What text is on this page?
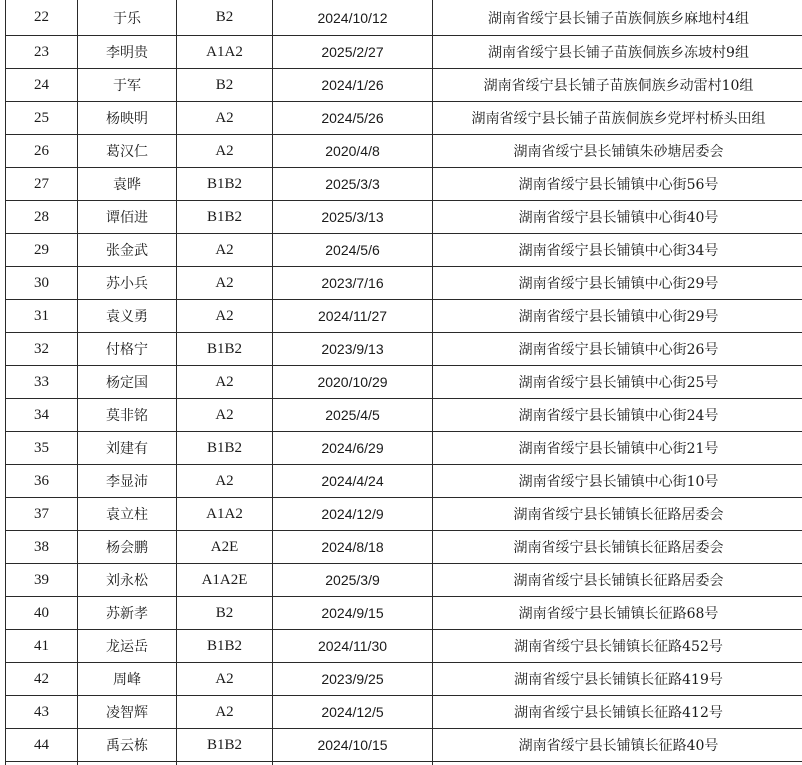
22	于乐	B2	2024/10/12	湖南省绥宁县长铺子苗族侗族乡麻地村4组
23	李明贵	A1A2	2025/2/27	湖南省绥宁县长铺子苗族侗族乡冻坡村9组
24	于军	B2	2024/1/26	湖南省绥宁县长铺子苗族侗族乡动雷村10组
25	杨映明	A2	2024/5/26	湖南省绥宁县长铺子苗族侗族乡党坪村桥头田组
26	葛汉仁	A2	2020/4/8	湖南省绥宁县长铺镇朱砂塘居委会
27	袁晔	B1B2	2025/3/3	湖南省绥宁县长铺镇中心街56号
28	谭佰进	B1B2	2025/3/13	湖南省绥宁县长铺镇中心街40号
29	张金武	A2	2024/5/6	湖南省绥宁县长铺镇中心街34号
30	苏小兵	A2	2023/7/16	湖南省绥宁县长铺镇中心街29号
31	袁义勇	A2	2024/11/27	湖南省绥宁县长铺镇中心街29号
32	付格宁	B1B2	2023/9/13	湖南省绥宁县长铺镇中心街26号
33	杨定国	A2	2020/10/29	湖南省绥宁县长铺镇中心街25号
34	莫非铭	A2	2025/4/5	湖南省绥宁县长铺镇中心街24号
35	刘建有	B1B2	2024/6/29	湖南省绥宁县长铺镇中心街21号
36	李显沛	A2	2024/4/24	湖南省绥宁县长铺镇中心街10号
37	袁立柱	A1A2	2024/12/9	湖南省绥宁县长铺镇长征路居委会
38	杨会鹏	A2E	2024/8/18	湖南省绥宁县长铺镇长征路居委会
39	刘永松	A1A2E	2025/3/9	湖南省绥宁县长铺镇长征路居委会
40	苏新孝	B2	2024/9/15	湖南省绥宁县长铺镇长征路68号
41	龙运岳	B1B2	2024/11/30	湖南省绥宁县长铺镇长征路452号
42	周峰	A2	2023/9/25	湖南省绥宁县长铺镇长征路419号
43	凌智辉	A2	2024/12/5	湖南省绥宁县长铺镇长征路412号
44	禹云栋	B1B2	2024/10/15	湖南省绥宁县长铺镇长征路40号
